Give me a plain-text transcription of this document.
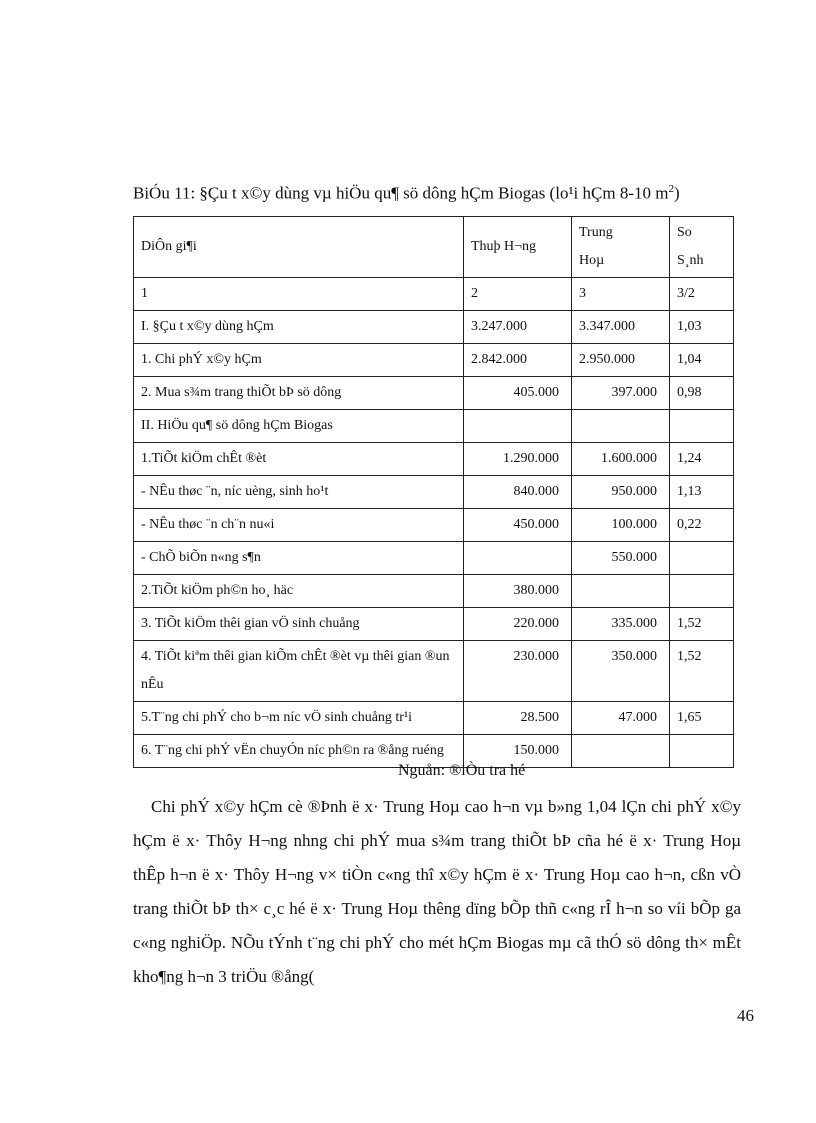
BiÓu 11: §Çu t x©y dùng vµ hiÖu qu¶ sö dông hÇm Biogas (lo¹i hÇm 8-10 $m^2$)
DiÔn gi¶i	Thuþ H¬ng	Trung Hoµ	So S¸nh
1	2	3	3/2
I. §Çu t x©y dùng hÇm	3.247.000	3.347.000	1,03
1. Chi phÝ x©y hÇm	2.842.000	2.950.000	1,04
2. Mua s¾m trang thiÕt bÞ sö dông	405.000	397.000	0,98
II. HiÖu qu¶ sö dông hÇm Biogas			
1.TiÕt kiÖm chÊt ®èt	1.290.000	1.600.000	1,24
- NÊu thøc ¨n, níc uèng, sinh ho¹t	840.000	950.000	1,13
- NÊu thøc ¨n ch¨n nu«i	450.000	100.000	0,22
- ChÕ biÕn n«ng s¶n		550.000	
2.TiÕt kiÖm ph©n ho¸ häc	380.000		
3. TiÕt kiÖm thêi gian vÖ sinh chuång	220.000	335.000	1,52
4. TiÕt kiªm thêi gian kiÕm chÊt ®èt vµ thêi gian ®un nÊu	230.000	350.000	1,52
5.T¨ng chi phÝ cho b¬m níc vÖ sinh chuång tr¹i	28.500	47.000	1,65
6. T¨ng chi phÝ vËn chuyÓn níc ph©n ra ®ång ruéng	150.000		
Nguån: ®iÒu tra hé

Chi phÝ x©y hÇm cè ®Þnh ë x· Trung Hoµ cao h¬n vµ b»ng 1,04 lÇn chi phÝ x©y hÇm ë x· Thôy H¬ng nhng chi phÝ mua s¾m trang thiÕt bÞ cña hé ë x· Trung Hoµ thÊp h¬n ë x· Thôy H¬ng v× tiÒn c«ng thî x©y hÇm ë x· Trung Hoµ cao h¬n, cßn vÒ trang thiÕt bÞ th× c¸c hé ë x· Trung Hoµ thêng dïng bÕp thñ c«ng rÎ h¬n so víi bÕp ga c«ng nghiÖp. NÕu tÝnh t¨ng chi phÝ cho mét hÇm Biogas mµ cã thÓ sö dông th× mÊt kho¶ng h¬n 3 triÖu ®ång(

46
